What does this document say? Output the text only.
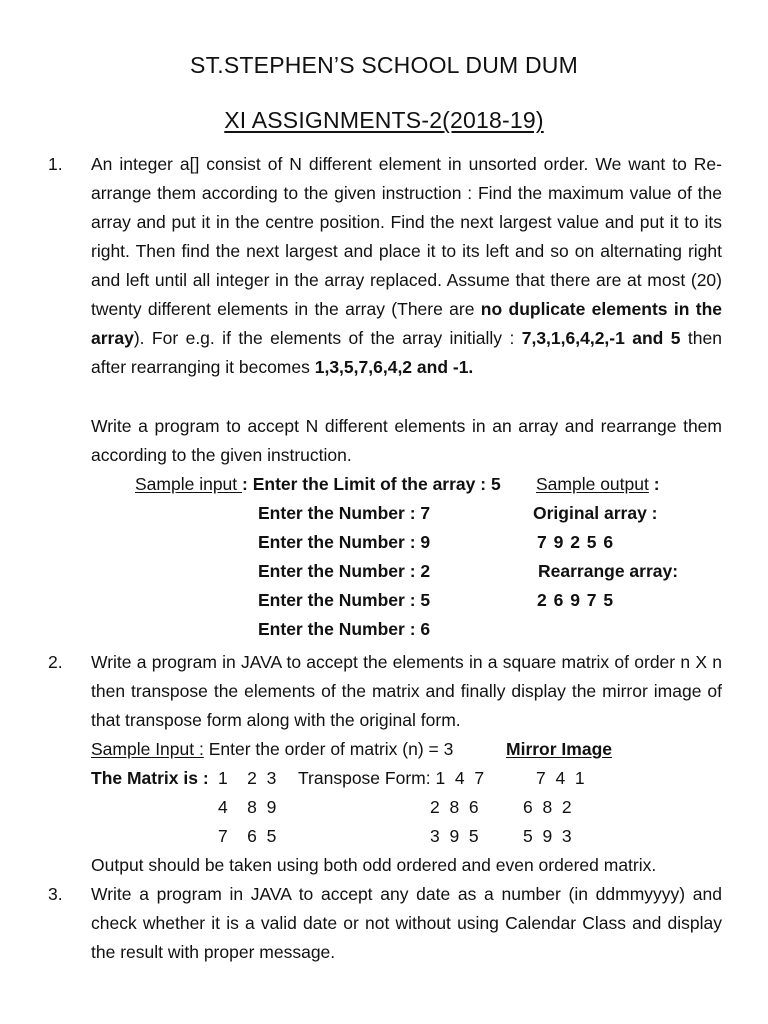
ST.STEPHEN’S SCHOOL DUM DUM
XI ASSIGNMENTS-2(2018-19)
1. An integer a[] consist of N different element in unsorted order. We want to Re-arrange them according to the given instruction : Find the maximum value of the array and put it in the centre position. Find the next largest value and put it to its right. Then find the next largest and place it to its left and so on alternating right and left until all integer in the array replaced. Assume that there are at most (20) twenty different elements in the array (There are no duplicate elements in the array). For e.g. if the elements of the array initially : 7,3,1,6,4,2,-1 and 5 then after rearranging it becomes 1,3,5,7,6,4,2 and -1.
Write a program to accept N different elements in an array and rearrange them according to the given instruction.
Sample input : Enter the Limit of the array : 5 Sample output :
Enter the Number : 7
Enter the Number : 9
Enter the Number : 2
Enter the Number : 5
Enter the Number : 6
Original array :
7 9 2 5 6
Rearrange array:
2 6 9 7 5
2. Write a program in JAVA to accept the elements in a square matrix of order n X n then transpose the elements of the matrix and finally display the mirror image of that transpose form along with the original form.
Sample Input : Enter the order of matrix (n) = 3	Mirror Image
The Matrix is : 1    2  3 Transpose Form: 1  4  7	7  4  1
4    8  9	2  8  6	6  8  2
7    6  5	3  9  5	5  9  3
Output should be taken using both odd ordered and even ordered matrix.
3. Write a program in JAVA to accept any date as a number (in ddmmyyyy) and check whether it is a valid date or not without using Calendar Class and display the result with proper message.
